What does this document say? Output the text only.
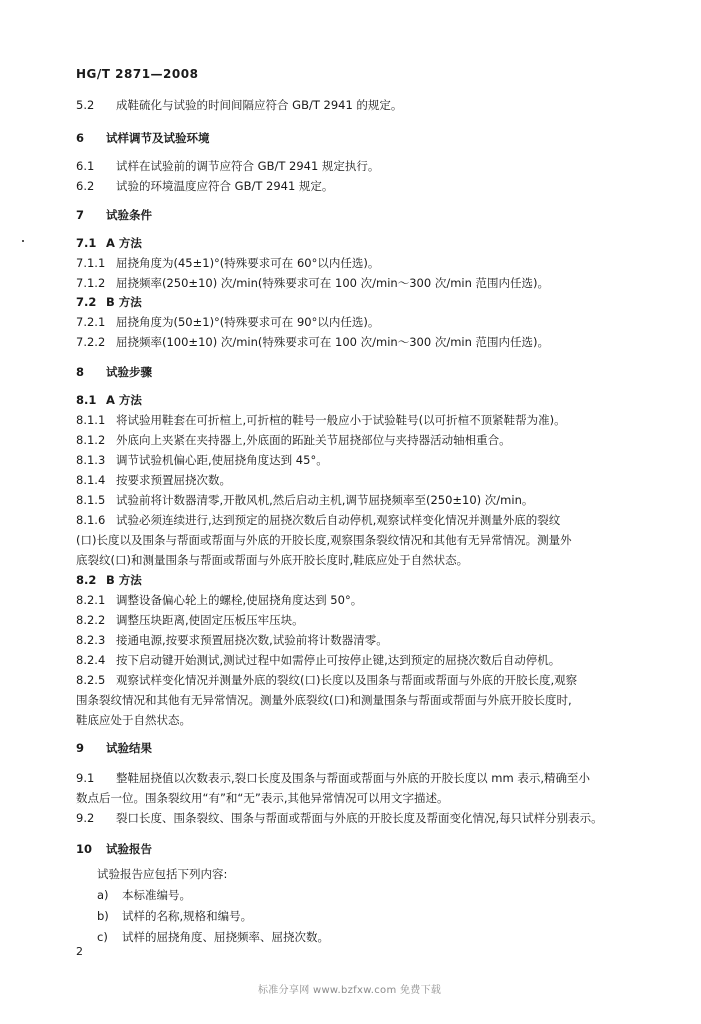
HG/T 2871—2008
5.2 成鞋硫化与试验的时间间隔应符合 GB/T 2941 的规定。
6 试样调节及试验环境
6.1 试样在试验前的调节应符合 GB/T 2941 规定执行。
6.2 试验的环境温度应符合 GB/T 2941 规定。
7 试验条件
7.1 A 方法
7.1.1 屈挠角度为(45±1)°(特殊要求可在 60°以内任选)。
7.1.2 屈挠频率(250±10) 次/min(特殊要求可在 100 次/min～300 次/min 范围内任选)。
7.2 B 方法
7.2.1 屈挠角度为(50±1)°(特殊要求可在 90°以内任选)。
7.2.2 屈挠频率(100±10) 次/min(特殊要求可在 100 次/min～300 次/min 范围内任选)。
8 试验步骤
8.1 A 方法
8.1.1 将试验用鞋套在可折楦上,可折楦的鞋号一般应小于试验鞋号(以可折楦不顶紧鞋帮为准)。
8.1.2 外底向上夹紧在夹持器上,外底面的跖趾关节屈挠部位与夹持器活动轴相重合。
8.1.3 调节试验机偏心距,使屈挠角度达到 45°。
8.1.4 按要求预置屈挠次数。
8.1.5 试验前将计数器清零,开散风机,然后启动主机,调节屈挠频率至(250±10) 次/min。
8.1.6 试验必须连续进行,达到预定的屈挠次数后自动停机,观察试样变化情况并测量外底的裂纹
(口)长度以及围条与帮面或帮面与外底的开胶长度,观察围条裂纹情况和其他有无异常情况。测量外
底裂纹(口)和测量围条与帮面或帮面与外底开胶长度时,鞋底应处于自然状态。
8.2 B 方法
8.2.1 调整设备偏心轮上的螺栓,使屈挠角度达到 50°。
8.2.2 调整压块距离,使固定压板压牢压块。
8.2.3 接通电源,按要求预置屈挠次数,试验前将计数器清零。
8.2.4 按下启动键开始测试,测试过程中如需停止可按停止键,达到预定的屈挠次数后自动停机。
8.2.5 观察试样变化情况并测量外底的裂纹(口)长度以及围条与帮面或帮面与外底的开胶长度,观察
围条裂纹情况和其他有无异常情况。测量外底裂纹(口)和测量围条与帮面或帮面与外底开胶长度时,
鞋底应处于自然状态。
9 试验结果
9.1 整鞋屈挠值以次数表示,裂口长度及围条与帮面或帮面与外底的开胶长度以 mm 表示,精确至小
数点后一位。围条裂纹用“有”和“无”表示,其他异常情况可以用文字描述。
9.2 裂口长度、围条裂纹、围条与帮面或帮面与外底的开胶长度及帮面变化情况,每只试样分别表示。
10 试验报告
试验报告应包括下列内容:
a) 本标准编号。
b) 试样的名称,规格和编号。
c) 试样的屈挠角度、屈挠频率、屈挠次数。
2
标准分享网 www.bzfxw.com 免费下载
